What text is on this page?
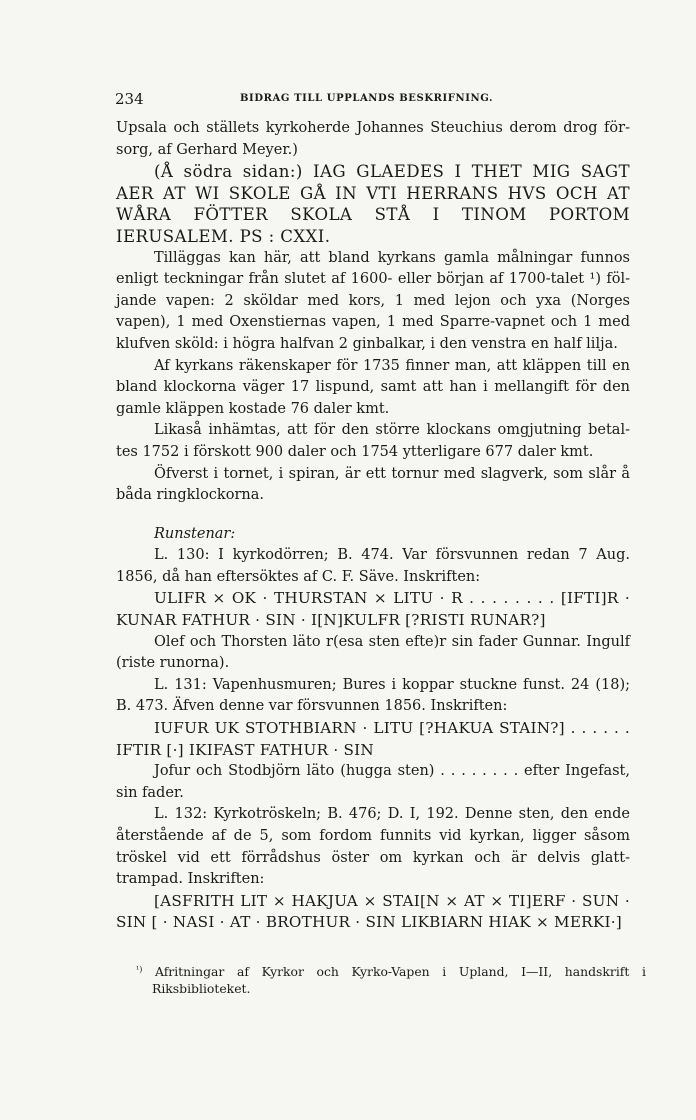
234	BIDRAG TILL UPPLANDS BESKRIFNING.

Upsala och ställets kyrkoherde Johannes Steuchius derom drog försorg, af Gerhard Meyer.)

(Å södra sidan:) IAG GLAEDES I THET MIG SAGT AER AT WI SKOLE GÅ IN VTI HERRANS HVS OCH AT WÅRA FÖTTER SKOLA STÅ I TINOM PORTOM IERUSALEM. PS : CXXI.

Tilläggas kan här, att bland kyrkans gamla målningar funnos enligt teckningar från slutet af 1600- eller början af 1700-talet ¹) följande vapen: 2 sköldar med kors, 1 med lejon och yxa (Norges vapen), 1 med Oxenstiernas vapen, 1 med Sparre-vapnet och 1 med klufven sköld: i högra halfvan 2 ginbalkar, i den venstra en half lilja.

Af kyrkans räkenskaper för 1735 finner man, att kläppen till en bland klockorna väger 17 lispund, samt att han i mellangift för den gamle kläppen kostade 76 daler kmt.

Likaså inhämtas, att för den större klockans omgjutning betaltes 1752 i förskott 900 daler och 1754 ytterligare 677 daler kmt.

Öfverst i tornet, i spiran, är ett tornur med slagverk, som slår å båda ringklockorna.

Runstenar:

L. 130: I kyrkodörren; B. 474. Var försvunnen redan 7 Aug. 1856, då han eftersöktes af C. F. Säve. Inskriften:

ULIFR × OK · THURSTAN × LITU · R . . . . . . . . [IFTI]R · KUNAR FATHUR · SIN · I[N]KULFR [?RISTI RUNAR?]

Olef och Thorsten läto r(esa sten efte)r sin fader Gunnar. Ingulf (riste runorna).

L. 131: Vapenhusmuren; Bures i koppar stuckne funst. 24 (18); B. 473. Äfven denne var försvunnen 1856. Inskriften:

IUFUR UK STOTHBIARN · LITU [?HAKUA STAIN?] . . . . . . IFTIR [·] IKIFAST FATHUR · SIN

Jofur och Stodbjörn läto (hugga sten) . . . . . . . . efter Ingefast, sin fader.

L. 132: Kyrkotröskeln; B. 476; D. I, 192. Denne sten, den ende återstående af de 5, som fordom funnits vid kyrkan, ligger såsom tröskel vid ett förrådshus öster om kyrkan och är delvis glatttrampad. Inskriften:

[ASFRITH LIT × HAKJUA × STAI[N × AT × TI]ERF · SUN · SIN [ · NASI · AT · BROTHUR · SIN LIKBIARN HIAK × MERKI·]

$^{^1)}$ Afritningar af Kyrkor och Kyrko-Vapen i Upland, I—II, handskrift i Riksbiblioteket.
